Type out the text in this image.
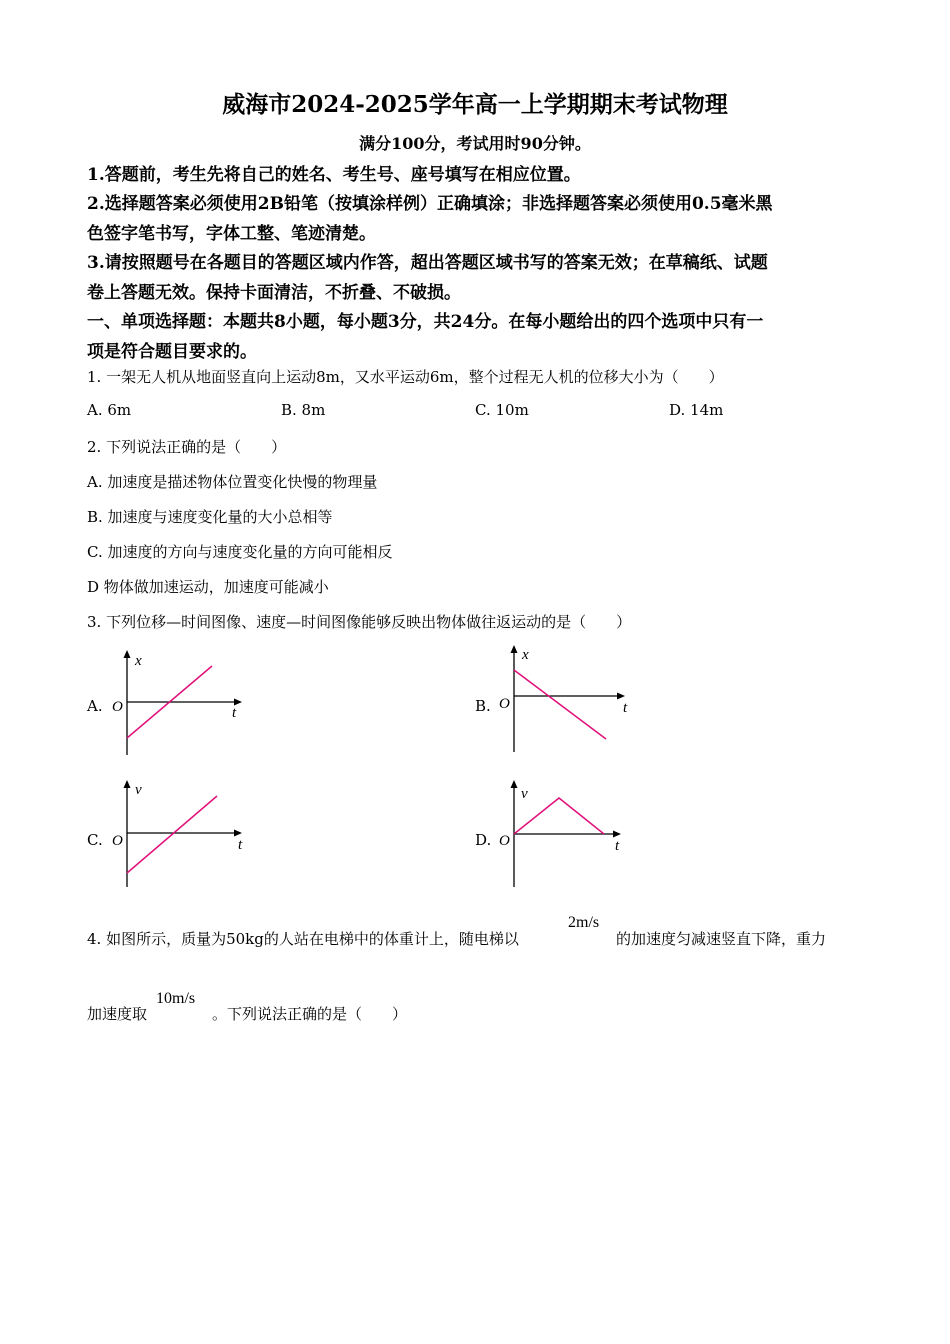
威海市2024-2025学年高一上学期期末考试物理
满分100分，考试用时90分钟。
1.答题前，考生先将自己的姓名、考生号、座号填写在相应位置。
2.选择题答案必须使用2B铅笔（按填涂样例）正确填涂；非选择题答案必须使用0.5毫米黑
色签字笔书写，字体工整、笔迹清楚。
3.请按照题号在各题目的答题区域内作答，超出答题区域书写的答案无效；在草稿纸、试题
卷上答题无效。保持卡面清洁，不折叠、不破损。
一、单项选择题：本题共8小题，每小题3分，共24分。在每小题给出的四个选项中只有一
项是符合题目要求的。
1. 一架无人机从地面竖直向上运动8m，又水平运动6m，整个过程无人机的位移大小为（　　）
A. 6m	B. 8m	C. 10m	D. 14m
2. 下列说法正确的是（　　）
A. 加速度是描述物体位置变化快慢的物理量
B. 加速度与速度变化量的大小总相等
C. 加速度的方向与速度变化量的方向可能相反
D 物体做加速运动，加速度可能减小
3. 下列位移—时间图像、速度—时间图像能够反映出物体做往返运动的是（　　）
A.
x
t
O	B.
x
t
O
C.
v
t
O	D.
v
t
O
4. 如图所示，质量为50kg的人站在电梯中的体重计上，随电梯以
2m/s
的加速度匀减速竖直下降，重力
加速度取
10m/s
。下列说法正确的是（　　）
